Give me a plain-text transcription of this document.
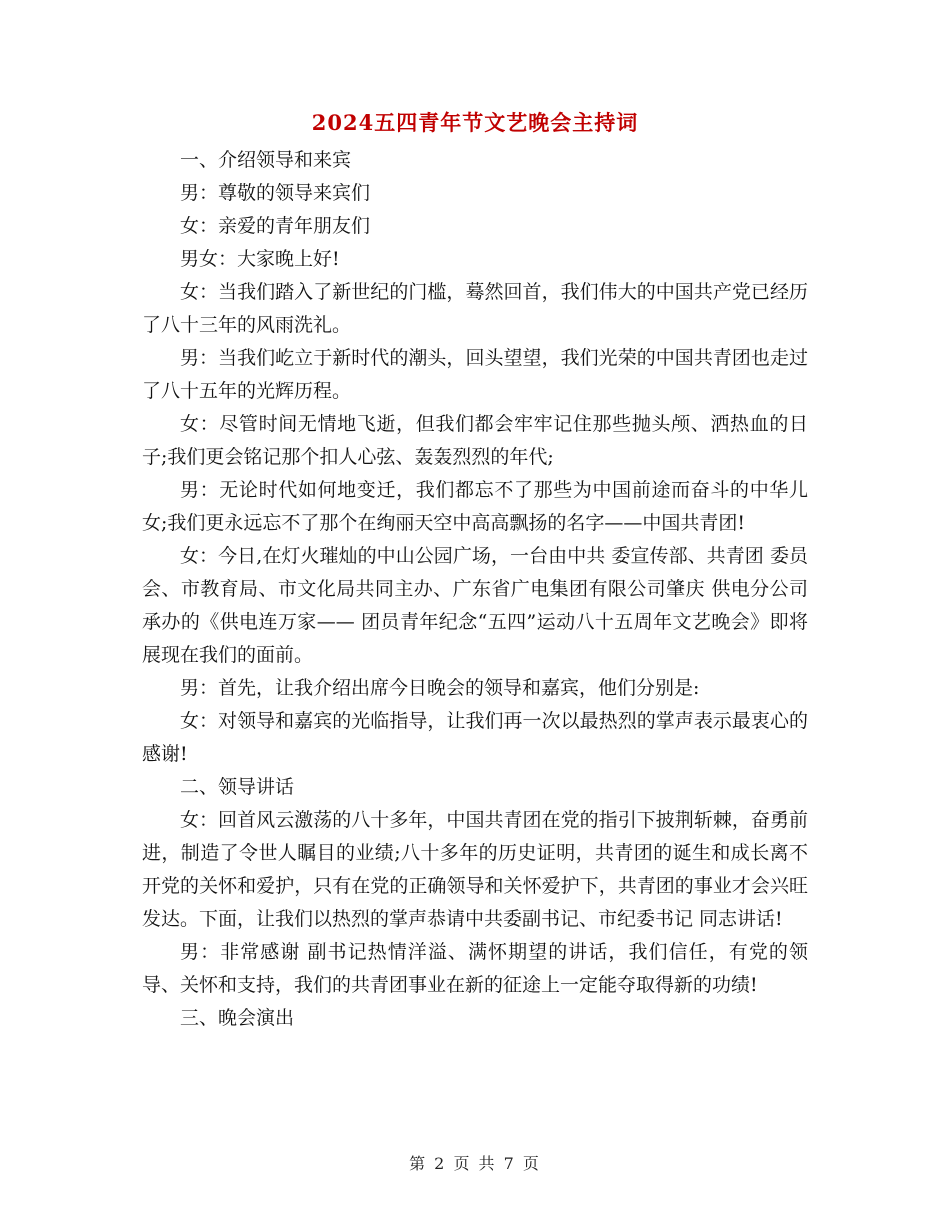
2024五四青年节文艺晚会主持词

一、介绍领导和来宾

男：尊敬的领导来宾们

女：亲爱的青年朋友们

男女：大家晚上好!

女：当我们踏入了新世纪的门槛，蓦然回首，我们伟大的中国共产党已经历了八十三年的风雨洗礼。

男：当我们屹立于新时代的潮头，回头望望，我们光荣的中国共青团也走过了八十五年的光辉历程。

女：尽管时间无情地飞逝，但我们都会牢牢记住那些抛头颅、洒热血的日子;我们更会铭记那个扣人心弦、轰轰烈烈的年代;

男：无论时代如何地变迁，我们都忘不了那些为中国前途而奋斗的中华儿女;我们更永远忘不了那个在绚丽天空中高高飘扬的名字——中国共青团!

女：今日,在灯火璀灿的中山公园广场，一台由中共 委宣传部、共青团 委员会、市教育局、市文化局共同主办、广东省广电集团有限公司肇庆 供电分公司承办的《供电连万家—— 团员青年纪念“五四”运动八十五周年文艺晚会》即将展现在我们的面前。

男：首先，让我介绍出席今日晚会的领导和嘉宾，他们分别是:

女：对领导和嘉宾的光临指导，让我们再一次以最热烈的掌声表示最衷心的感谢!

二、领导讲话

女：回首风云激荡的八十多年，中国共青团在党的指引下披荆斩棘，奋勇前进，制造了令世人瞩目的业绩;八十多年的历史证明，共青团的诞生和成长离不开党的关怀和爱护，只有在党的正确领导和关怀爱护下，共青团的事业才会兴旺发达。下面，让我们以热烈的掌声恭请中共委副书记、市纪委书记 同志讲话!

男：非常感谢 副书记热情洋溢、满怀期望的讲话，我们信任，有党的领导、关怀和支持，我们的共青团事业在新的征途上一定能夺取得新的功绩!

三、晚会演出

第 2 页 共 7 页
